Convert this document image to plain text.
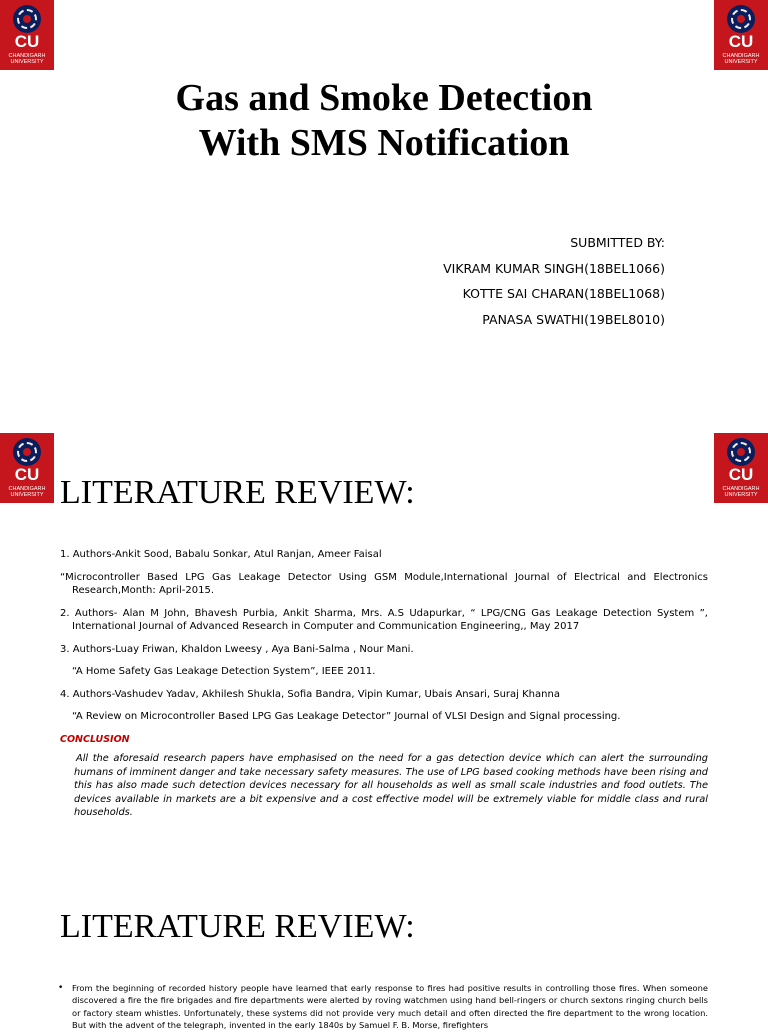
CU
CHANDIGARH UNIVERSITY
CU
CHANDIGARH UNIVERSITY
Gas and Smoke Detection
With SMS Notification
SUBMITTED BY:
VIKRAM KUMAR SINGH(18BEL1066)
KOTTE SAI CHARAN(18BEL1068)
PANASA SWATHI(19BEL8010)
CU
CHANDIGARH UNIVERSITY
CU
CHANDIGARH UNIVERSITY
LITERATURE REVIEW:

1. Authors-Ankit Sood, Babalu Sonkar, Atul Ranjan, Ameer Faisal

“Microcontroller Based LPG Gas Leakage Detector Using GSM Module,International Journal of Electrical and Electronics Research,Month: April-2015.

2. Authors- Alan M John, Bhavesh Purbia, Ankit Sharma, Mrs. A.S Udapurkar, “ LPG/CNG Gas Leakage Detection System ”, International Journal of Advanced Research in Computer and Communication Engineering,, May 2017

3. Authors-Luay Friwan, Khaldon Lweesy , Aya Bani-Salma , Nour Mani.

“A Home Safety Gas Leakage Detection System”, IEEE 2011.

4. Authors-Vashudev Yadav, Akhilesh Shukla, Sofia Bandra, Vipin Kumar, Ubais Ansari, Suraj Khanna

“A Review on Microcontroller Based LPG Gas Leakage Detector” Journal of VLSI Design and Signal processing.

CONCLUSION

All the aforesaid research papers have emphasised on the need for a gas detection device which can alert the surrounding humans of imminent danger and take necessary safety measures. The use of LPG based cooking methods have been rising and this has also made such detection devices necessary for all households as well as small scale industries and food outlets. The devices available in markets are a bit expensive and a cost effective model will be extremely viable for middle class and rural households.

LITERATURE REVIEW:
• From the beginning of recorded history people have learned that early response to fires had positive results in controlling those fires. When someone discovered a fire the fire brigades and fire departments were alerted by roving watchmen using hand bell-ringers or church sextons ringing church bells or factory steam whistles. Unfortunately, these systems did not provide very much detail and often directed the fire department to the wrong location. But with the advent of the telegraph, invented in the early 1840s by Samuel F. B. Morse, firefighters
